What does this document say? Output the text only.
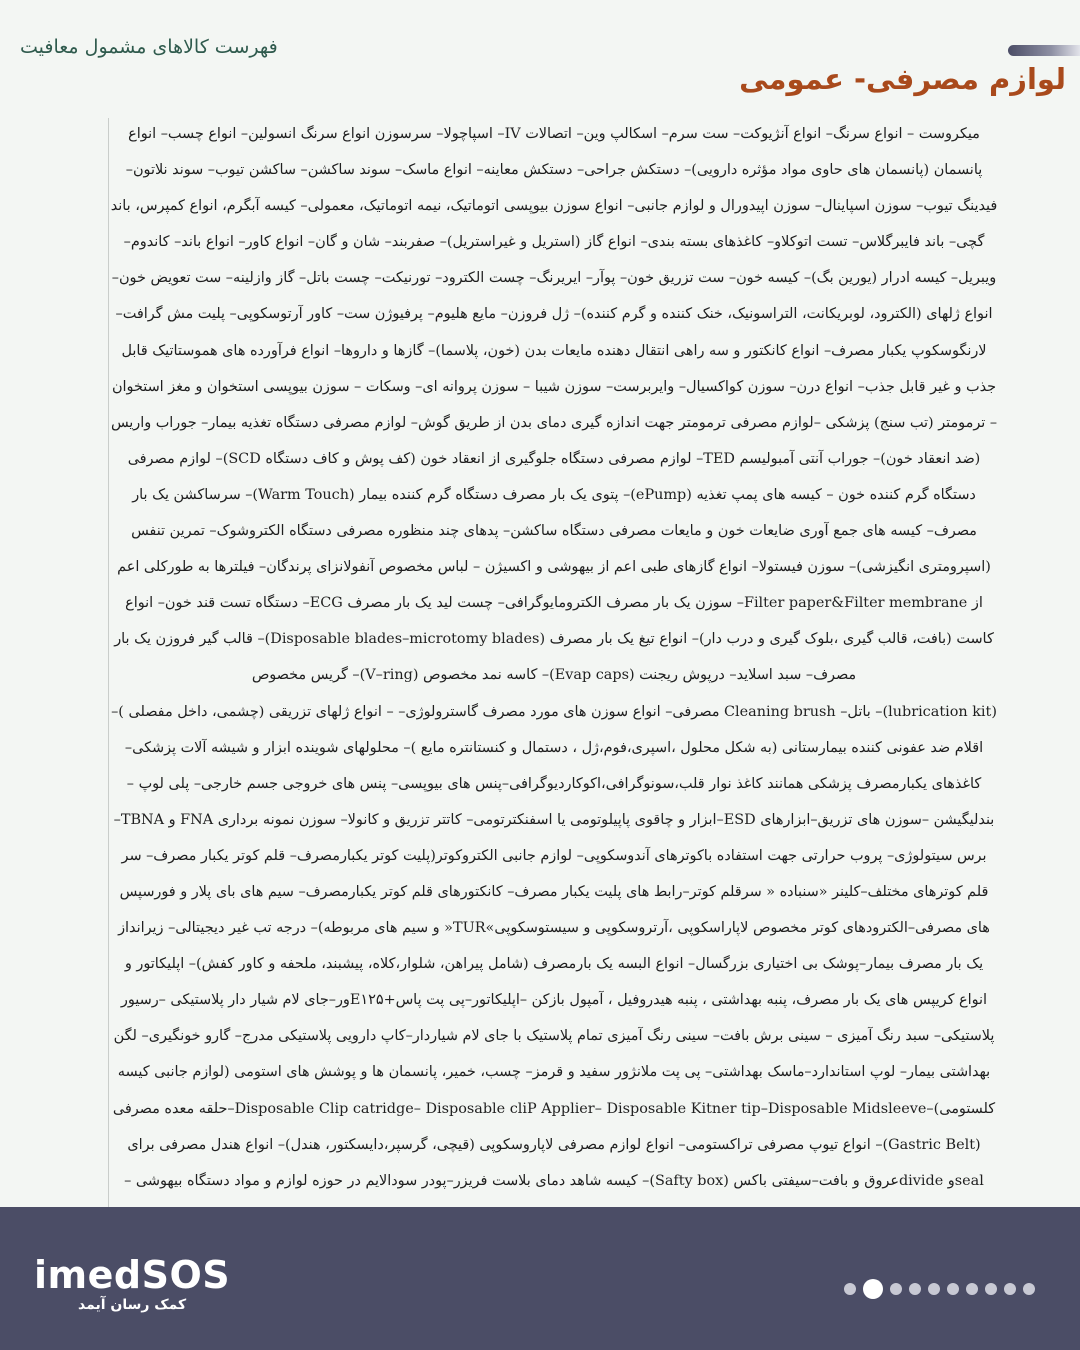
فهرست کالاهای مشمول معافیت
لوازم مصرفی- عمومی

میکروست – انواع سرنگ– انواع آنژیوکت– ست سرم– اسکالپ وین– اتصالات IV– اسپاچولا– سرسوزن انواع سرنگ انسولین– انواع چسب– انواع پانسمان (پانسمان های حاوی مواد مؤثره دارویی)– دستکش جراحی– دستکش معاینه– انواع ماسک– سوند ساکشن– ساکشن تیوب– سوند نلاتون– فیدینگ تیوب– سوزن اسپاینال– سوزن اپیدورال و لوازم جانبی– انواع سوزن بیوپسی اتوماتیک، نیمه اتوماتیک، معمولی– کیسه آبگرم، انواع کمپرس، باند گچی– باند فایبرگلاس– تست اتوکلاو– کاغذهای بسته بندی– انواع گاز (استریل و غیراستریل)– صفربند– شان و گان– انواع کاور– انواع باند– کاندوم– ویبریل– کیسه ادرار (یورین بگ)– کیسه خون– ست تزریق خون– پوآر– ایریرنگ– چست الکترود– تورنیکت– چست باتل– گاز وازلینه– ست تعویض خون– انواع ژلهای (الکترود، لوبریکانت، التراسونیک، خنک کننده و گرم کننده)– ژل فروزن– مایع هلیوم– پرفیوژن ست– کاور آرتوسکوپی– پلیت مش گرافت– لارنگوسکوپ یکبار مصرف– انواع کانکتور و سه راهی انتقال دهنده مایعات بدن (خون، پلاسما)– گازها و داروها– انواع فرآورده های هموستاتیک قابل جذب و غیر قابل جذب– انواع درن– سوزن کواکسیال– وایربرست– سوزن شیبا – سوزن پروانه ای– وسکات – سوزن بیوپسی استخوان و مغز استخوان – ترمومتر (تب سنج) پزشکی –لوازم مصرفی ترمومتر جهت اندازه گیری دمای بدن از طریق گوش– لوازم مصرفی دستگاه تغذیه بیمار– جوراب واریس (ضد انعقاد خون)– جوراب آنتی آمبولیسم TED– لوازم مصرفی دستگاه جلوگیری از انعقاد خون (کف پوش و کاف دستگاه SCD)– لوازم مصرفی دستگاه گرم کننده خون – کیسه های پمپ تغذیه (ePump)– پتوی یک بار مصرف دستگاه گرم کننده بیمار (Warm Touch)– سرساکشن یک بار مصرف– کیسه های جمع آوری ضایعات خون و مایعات مصرفی دستگاه ساکشن– پدهای چند منظوره مصرفی دستگاه الکتروشوک– تمرین تنفس (اسپرومتری انگیزشی)– سوزن فیستولا– انواع گازهای طبی اعم از بیهوشی و اکسیژن – لباس مخصوص آنفولانزای پرندگان– فیلترها به طورکلی اعم از Filter paper&Filter membrane– سوزن یک بار مصرف الکترومایوگرافی– چست لید یک بار مصرف ECG– دستگاه تست قند خون– انواع کاست (بافت، قالب گیری ،بلوک گیری و درب دار)– انواع تیغ یک بار مصرف (Disposable blades–microtomy blades)– قالب گیر فروزن یک بار مصرف– سبد اسلاید– درپوش ریجنت (Evap caps)– کاسه نمد مخصوص (V–ring)– گریس مخصوص

(lubrication kit)– باتل– Cleaning brush مصرفی– انواع سوزن های مورد مصرف گاسترولوژی– – انواع ژلهای تزریقی (چشمی، داخل مفصلی )– اقلام ضد عفونی کننده بیمارستانی (به شکل محلول ،اسپری،فوم،ژل ، دستمال و کنستانتره مایع )– محلولهای شوینده ابزار و شیشه آلات پزشکی– کاغذهای یکبارمصرف پزشکی همانند کاغذ نوار قلب،سونوگرافی،اکوکاردیوگرافی–پنس های بیوپسی– پنس های خروجی جسم خارجی– پلی لوپ – بندلیگیشن –سوزن های تزریق–ابزارهای ESD–ابزار و چاقوی پاپیلوتومی یا اسفنکترتومی– کاتتر تزریق و کانولا– سوزن نمونه برداری FNA و TBNA– برس سیتولوژی– پروب حرارتی جهت استفاده باکوترهای آندوسکوپی– لوازم جانبی الکتروکوتر(پلیت کوتر یکبارمصرف– قلم کوتر یکبار مصرف– سر قلم کوترهای مختلف–کلینر «سنباده « سرقلم کوتر–رابط های پلیت یکبار مصرف– کانکتورهای قلم کوتر یکبارمصرف– سیم های بای پلار و فورسپس های مصرفی–الکترودهای کوتر مخصوص لاپاراسکوپی ،آرتروسکوپی و سیستوسکوپی»TUR« و سیم های مربوطه)– درجه تب غیر دیجیتالی– زیرانداز یک بار مصرف بیمار–پوشک بی اختیاری بزرگسال– انواع البسه یک بارمصرف (شامل پیراهن، شلوار،کلاه، پیشبند، ملحفه و کاور کفش)– اپلیکاتور و انواع کریپس های یک بار مصرف، پنبه بهداشتی ، پنبه هیدروفیل ، آمپول بازکن –اپلیکاتور–پی پت پاس+E۱۲۵ور–جای لام شیار دار پلاستیکی –رسیور پلاستیکی– سبد رنگ آمیزی – سینی برش بافت– سینی رنگ آمیزی تمام پلاستیک با جای لام شیاردار–کاپ دارویی پلاستیکی مدرج– گارو خونگیری– لگن بهداشتی بیمار– لوپ استاندارد–ماسک بهداشتی– پی پت ملانژور سفید و قرمز– چسب، خمیر، پانسمان ها و پوشش های استومی (لوازم جانبی کیسه کلستومی)–Disposable Clip catridge– Disposable cliP Applier– Disposable Kitner tip–Disposable Midsleeve–حلقه معده مصرفی (Gastric Belt)– انواع تیوپ مصرفی تراکستومی– انواع لوازم مصرفی لاپاروسکوپی (قیچی، گرسپر،دایسکتور، هندل)– انواع هندل مصرفی برای sealو divideعروق و بافت–سیفتی باکس (Safty box)– کیسه شاهد دمای بلاست فریزر–پودر سودالایم در حوزه لوازم و مواد دستگاه بیهوشی –

imedSOS
کمک رسان آیمد
